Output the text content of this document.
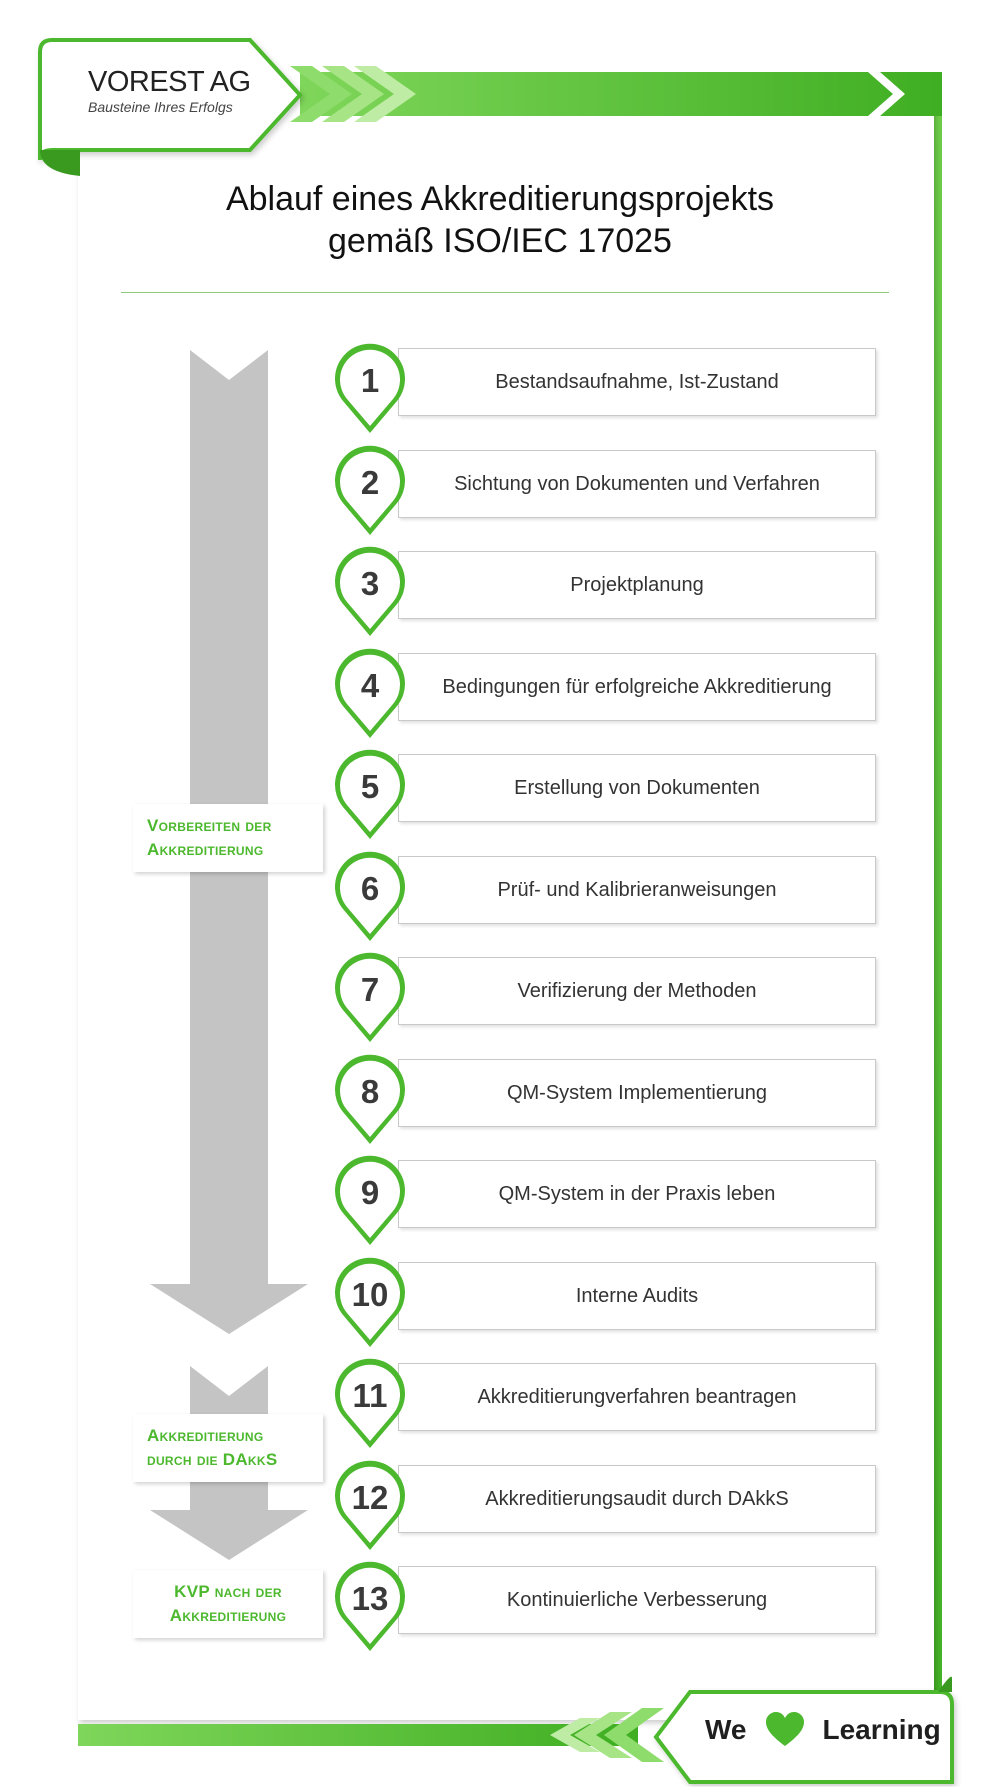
VOREST AG
Bausteine Ihres Erfolgs
Ablauf eines Akkreditierungsprojekts
gemäß ISO/IEC 17025
Bestandsaufnahme, Ist-Zustand
1
Sichtung von Dokumenten und Verfahren
2
Projektplanung
3
Bedingungen für erfolgreiche Akkreditierung
4
Erstellung von Dokumenten
5
Prüf- und Kalibrieranweisungen
6
Verifizierung der Methoden
7
QM-System Implementierung
8
QM-System in der Praxis leben
9
Interne Audits
10
Akkreditierungverfahren beantragen
11
Akkreditierungsaudit durch DAkkS
12
Kontinuierliche Verbesserung
13
Vorbereiten der
Akkreditierung
Akkreditierung
durch die DAkkS
KVP nach der
Akkreditierung
We	Learning
